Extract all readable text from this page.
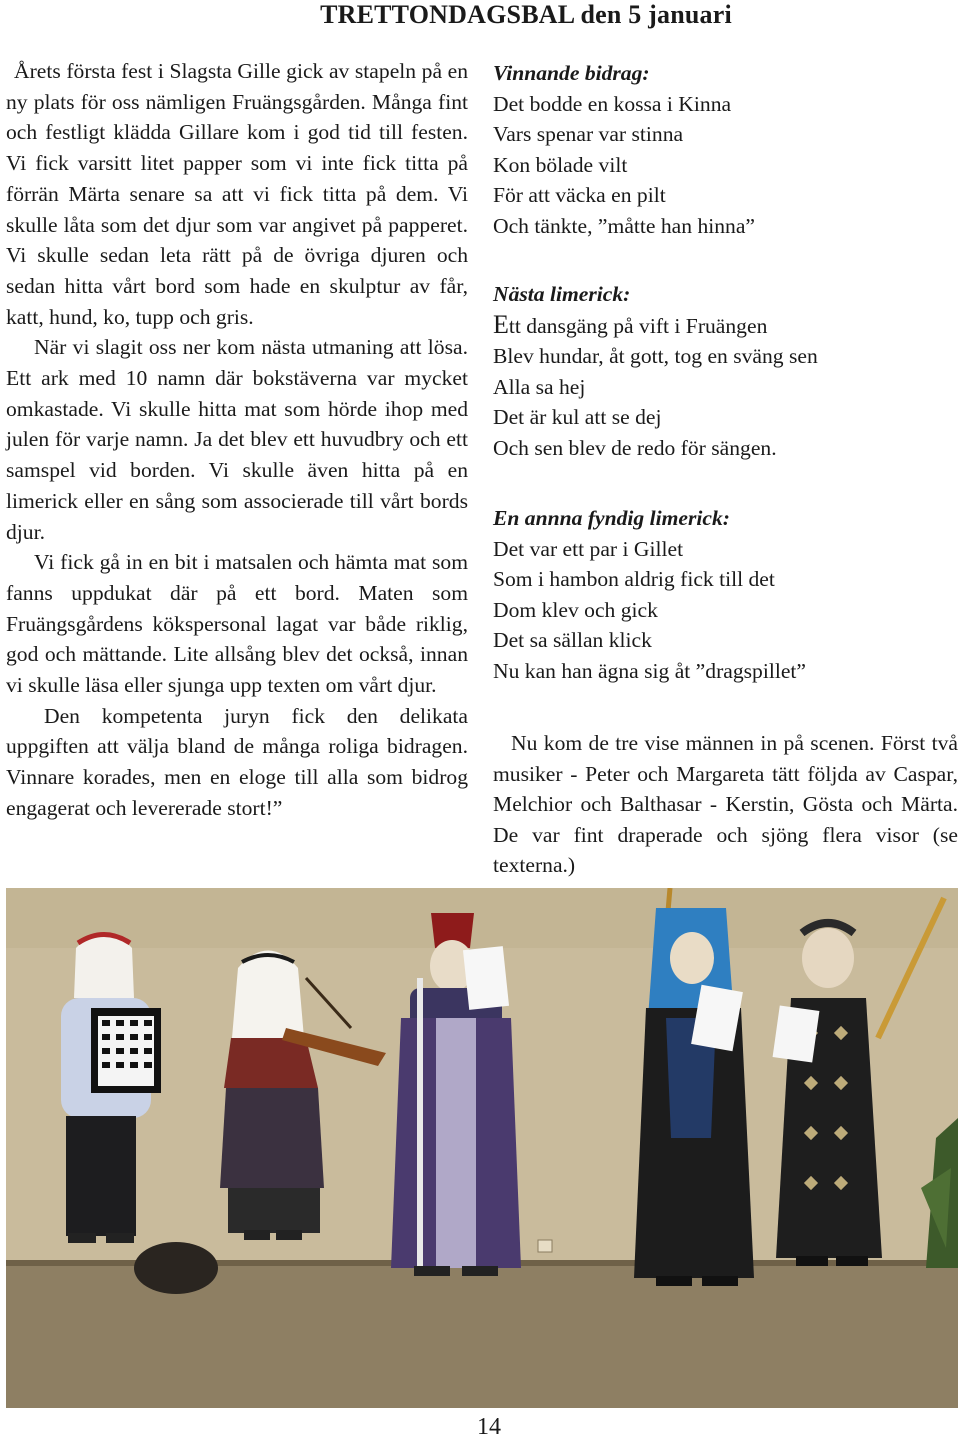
TRETTONDAGSBAL den 5 januari

Årets första fest i Slagsta Gille gick av stapeln på en ny plats för oss nämligen Fruängsgården. Många fint och festligt klädda Gillare kom i god tid till festen. Vi fick varsitt litet papper som vi inte fick titta på förrän Märta senare sa att vi fick titta på dem. Vi skulle låta som det djur som var angivet på papperet. Vi skulle sedan leta rätt på de övriga djuren och sedan hitta vårt bord som hade en skulptur av får, katt, hund, ko, tupp och gris.

När vi slagit oss ner kom nästa utmaning att lösa. Ett ark med 10 namn där bokstäverna var mycket omkastade. Vi skulle hitta mat som hörde ihop med julen för varje namn. Ja det blev ett huvudbry och ett samspel vid borden. Vi skulle även hitta på en limerick eller en sång som associerade till vårt bords djur.

Vi fick gå in en bit i matsalen och hämta mat som fanns uppdukat där på ett bord. Maten som Fruängsgårdens kökspersonal lagat var både riklig, god och mättande. Lite allsång blev det också, innan vi skulle läsa eller sjunga upp texten om vårt djur.

Den kompetenta juryn fick den delikata uppgiften att välja bland de många roliga bidragen. Vinnare korades, men en eloge till alla som bidrog engagerat och levererade stort!”

Vinnande bidrag:
Det bodde en kossa i Kinna
Vars spenar var stinna
Kon bölade vilt
För att väcka en pilt
Och tänkte, ”måtte han hinna”
Nästa limerick:
Ett dansgäng på vift i Fruängen
Blev hundar, åt gott, tog en sväng sen
Alla sa hej
Det är kul att se dej
Och sen blev de redo för sängen.
En annna fyndig limerick:
Det var ett par i Gillet
Som i hambon aldrig fick till det
Dom klev och gick
Det sa sällan klick
Nu kan han ägna sig åt ”dragspillet”

Nu kom de tre vise männen in på scenen. Först två musiker - Peter och Margareta tätt följda av Caspar, Melchior och Balthasar - Kerstin, Gösta och Märta. De var fint draperade och sjöng flera visor (se texterna.)

14
